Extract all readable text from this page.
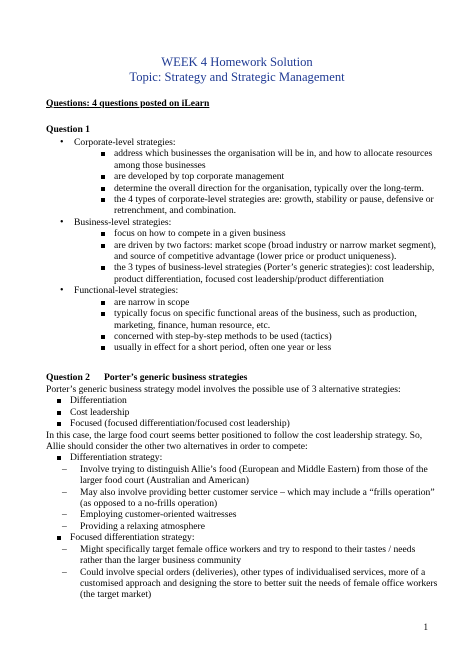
WEEK 4 Homework Solution
Topic: Strategy and Strategic Management
Questions: 4 questions posted on iLearn
Question 1
• Corporate-level strategies:
address which businesses the organisation will be in, and how to allocate resources among those businesses
are developed by top corporate management
determine the overall direction for the organisation, typically over the long-term.
the 4 types of corporate-level strategies are: growth, stability or pause, defensive or retrenchment, and combination.
• Business-level strategies:
focus on how to compete in a given business
are driven by two factors: market scope (broad industry or narrow market segment), and source of competitive advantage (lower price or product uniqueness).
the 3 types of business-level strategies (Porter’s generic strategies): cost leadership, product differentiation, focused cost leadership/product differentiation
• Functional-level strategies:
are narrow in scope
typically focus on specific functional areas of the business, such as production, marketing, finance, human resource, etc.
concerned with step-by-step methods to be used (tactics)
usually in effect for a short period, often one year or less
Question 2 Porter’s generic business strategies
Porter’s generic business strategy model involves the possible use of 3 alternative strategies:
Differentiation
Cost leadership
Focused (focused differentiation/focused cost leadership)
In this case, the large food court seems better positioned to follow the cost leadership strategy. So, Allie should consider the other two alternatives in order to compete:
Differentiation strategy:
– Involve trying to distinguish Allie’s food (European and Middle Eastern) from those of the larger food court (Australian and American)
– May also involve providing better customer service – which may include a “frills operation” (as opposed to a no-frills operation)
– Employing customer-oriented waitresses
– Providing a relaxing atmosphere
Focused differentiation strategy:
– Might specifically target female office workers and try to respond to their tastes / needs rather than the larger business community
– Could involve special orders (deliveries), other types of individualised services, more of a customised approach and designing the store to better suit the needs of female office workers (the target market)
1
